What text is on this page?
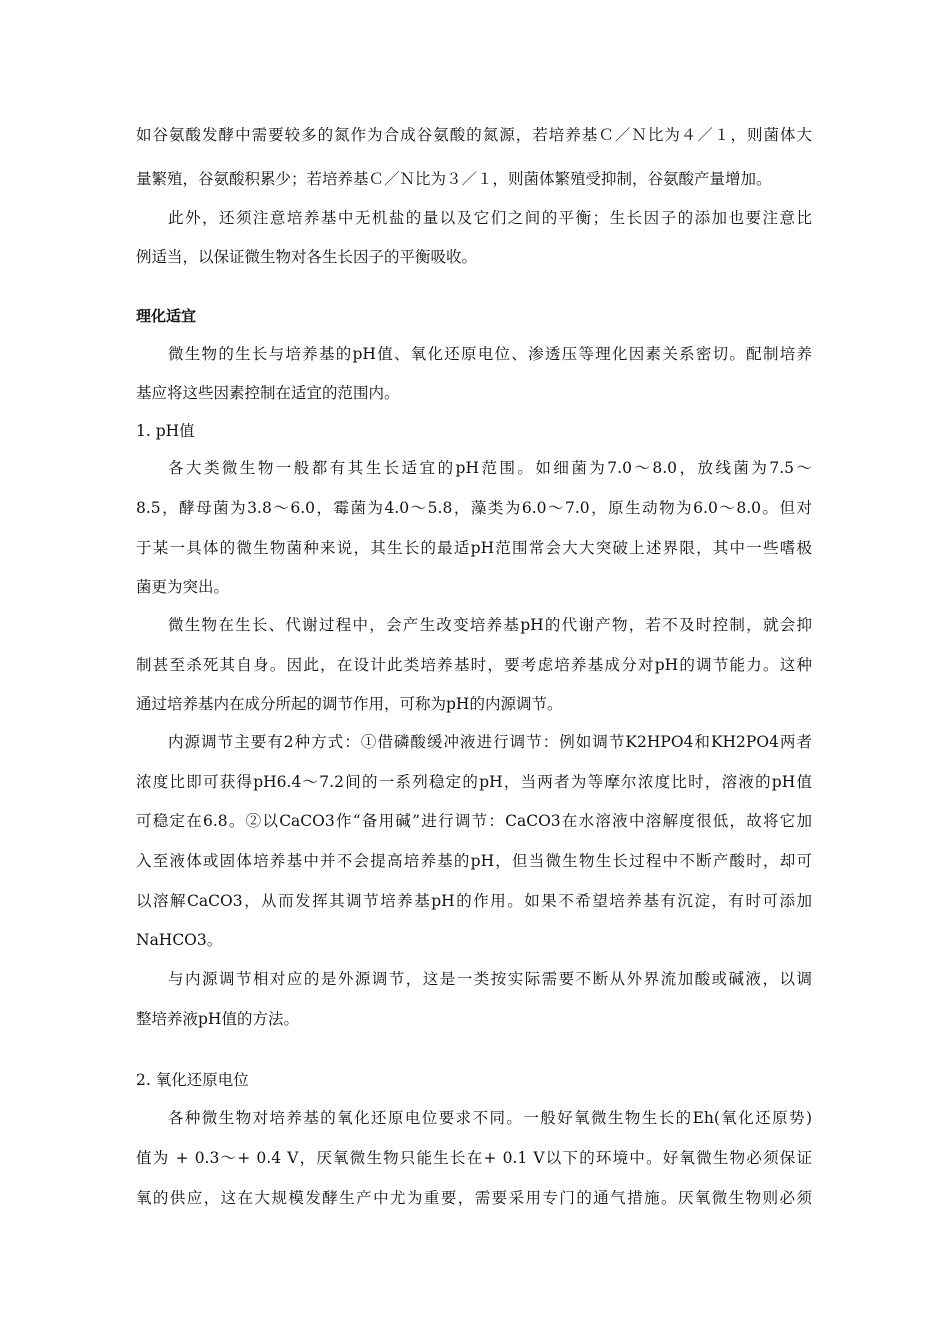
如谷氨酸发酵中需要较多的氮作为合成谷氨酸的氮源，若培养基Ｃ／Ｎ比为４／１，则菌体大
量繁殖，谷氨酸积累少；若培养基Ｃ／Ｎ比为３／１，则菌体繁殖受抑制，谷氨酸产量增加。
此外，还须注意培养基中无机盐的量以及它们之间的平衡；生长因子的添加也要注意比
例适当，以保证微生物对各生长因子的平衡吸收。
理化适宜
微生物的生长与培养基的pH值、氧化还原电位、渗透压等理化因素关系密切。配制培养
基应将这些因素控制在适宜的范围内。
1. pH值
各大类微生物一般都有其生长适宜的pH范围。如细菌为7.0～8.0，放线菌为7.5～
8.5，酵母菌为3.8～6.0，霉菌为4.0～5.8，藻类为6.0～7.0，原生动物为6.0～8.0。但对
于某一具体的微生物菌种来说，其生长的最适pH范围常会大大突破上述界限，其中一些嗜极
菌更为突出。
微生物在生长、代谢过程中，会产生改变培养基pH的代谢产物，若不及时控制，就会抑
制甚至杀死其自身。因此，在设计此类培养基时，要考虑培养基成分对pH的调节能力。这种
通过培养基内在成分所起的调节作用，可称为pH的内源调节。
内源调节主要有2种方式：①借磷酸缓冲液进行调节：例如调节K2HPO4和KH2PO4两者
浓度比即可获得pH6.4～7.2间的一系列稳定的pH，当两者为等摩尔浓度比时，溶液的pH值
可稳定在6.8。②以CaCO3作“备用碱”进行调节：CaCO3在水溶液中溶解度很低，故将它加
入至液体或固体培养基中并不会提高培养基的pH，但当微生物生长过程中不断产酸时，却可
以溶解CaCO3，从而发挥其调节培养基pH的作用。如果不希望培养基有沉淀，有时可添加
NaHCO3。
与内源调节相对应的是外源调节，这是一类按实际需要不断从外界流加酸或碱液，以调
整培养液pH值的方法。
2. 氧化还原电位
各种微生物对培养基的氧化还原电位要求不同。一般好氧微生物生长的Eh(氧化还原势)
值为 + 0.3～+ 0.4 V，厌氧微生物只能生长在+ 0.1 V以下的环境中。好氧微生物必须保证
氧的供应，这在大规模发酵生产中尤为重要，需要采用专门的通气措施。厌氧微生物则必须
